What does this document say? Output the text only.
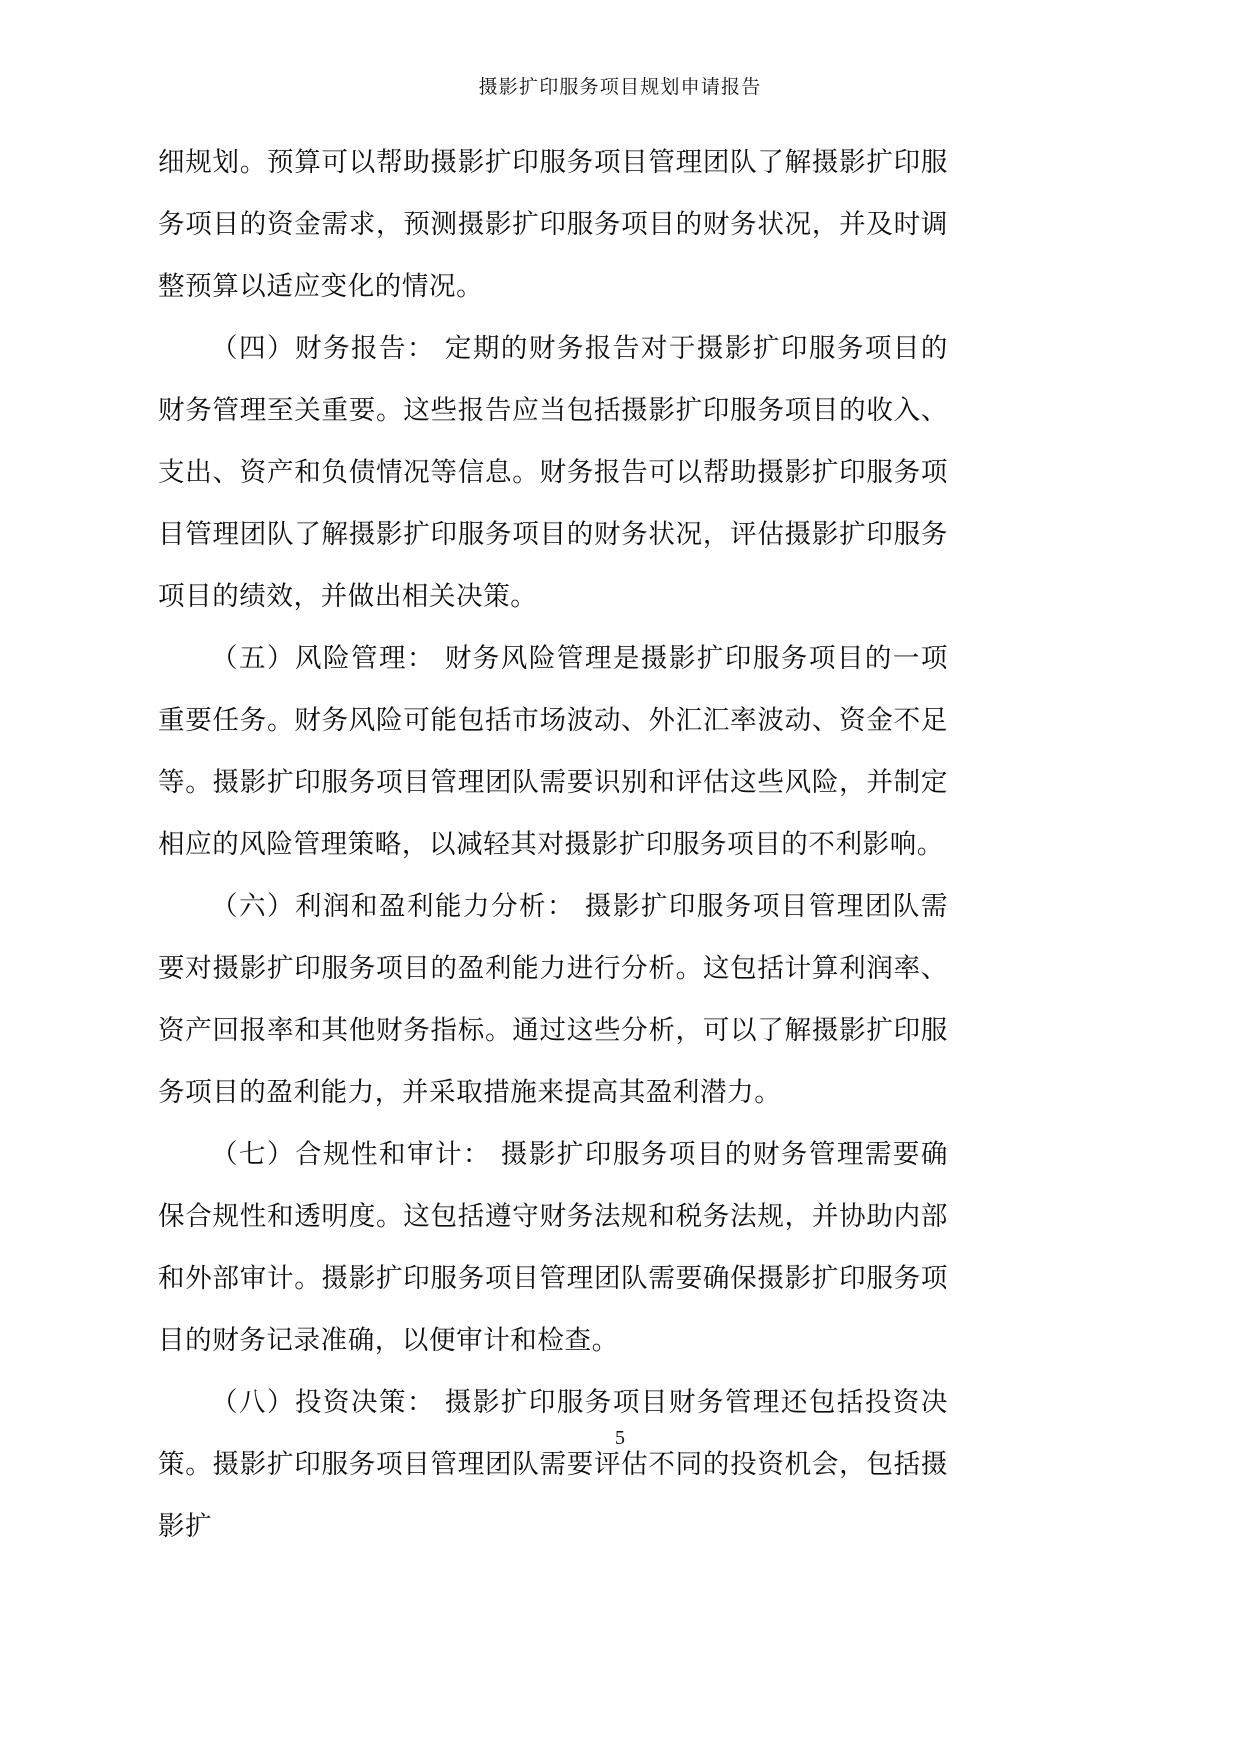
摄影扩印服务项目规划申请报告

细规划。预算可以帮助摄影扩印服务项目管理团队了解摄影扩印服务项目的资金需求，预测摄影扩印服务项目的财务状况，并及时调整预算以适应变化的情况。

（四）财务报告： 定期的财务报告对于摄影扩印服务项目的财务管理至关重要。这些报告应当包括摄影扩印服务项目的收入、支出、资产和负债情况等信息。财务报告可以帮助摄影扩印服务项目管理团队了解摄影扩印服务项目的财务状况，评估摄影扩印服务项目的绩效，并做出相关决策。

（五）风险管理： 财务风险管理是摄影扩印服务项目的一项重要任务。财务风险可能包括市场波动、外汇汇率波动、资金不足等。摄影扩印服务项目管理团队需要识别和评估这些风险，并制定相应的风险管理策略，以减轻其对摄影扩印服务项目的不利影响。

（六）利润和盈利能力分析： 摄影扩印服务项目管理团队需要对摄影扩印服务项目的盈利能力进行分析。这包括计算利润率、资产回报率和其他财务指标。通过这些分析，可以了解摄影扩印服务项目的盈利能力，并采取措施来提高其盈利潜力。

（七）合规性和审计： 摄影扩印服务项目的财务管理需要确保合规性和透明度。这包括遵守财务法规和税务法规，并协助内部和外部审计。摄影扩印服务项目管理团队需要确保摄影扩印服务项目的财务记录准确，以便审计和检查。

（八）投资决策： 摄影扩印服务项目财务管理还包括投资决策。摄影扩印服务项目管理团队需要评估不同的投资机会，包括摄影扩

5
